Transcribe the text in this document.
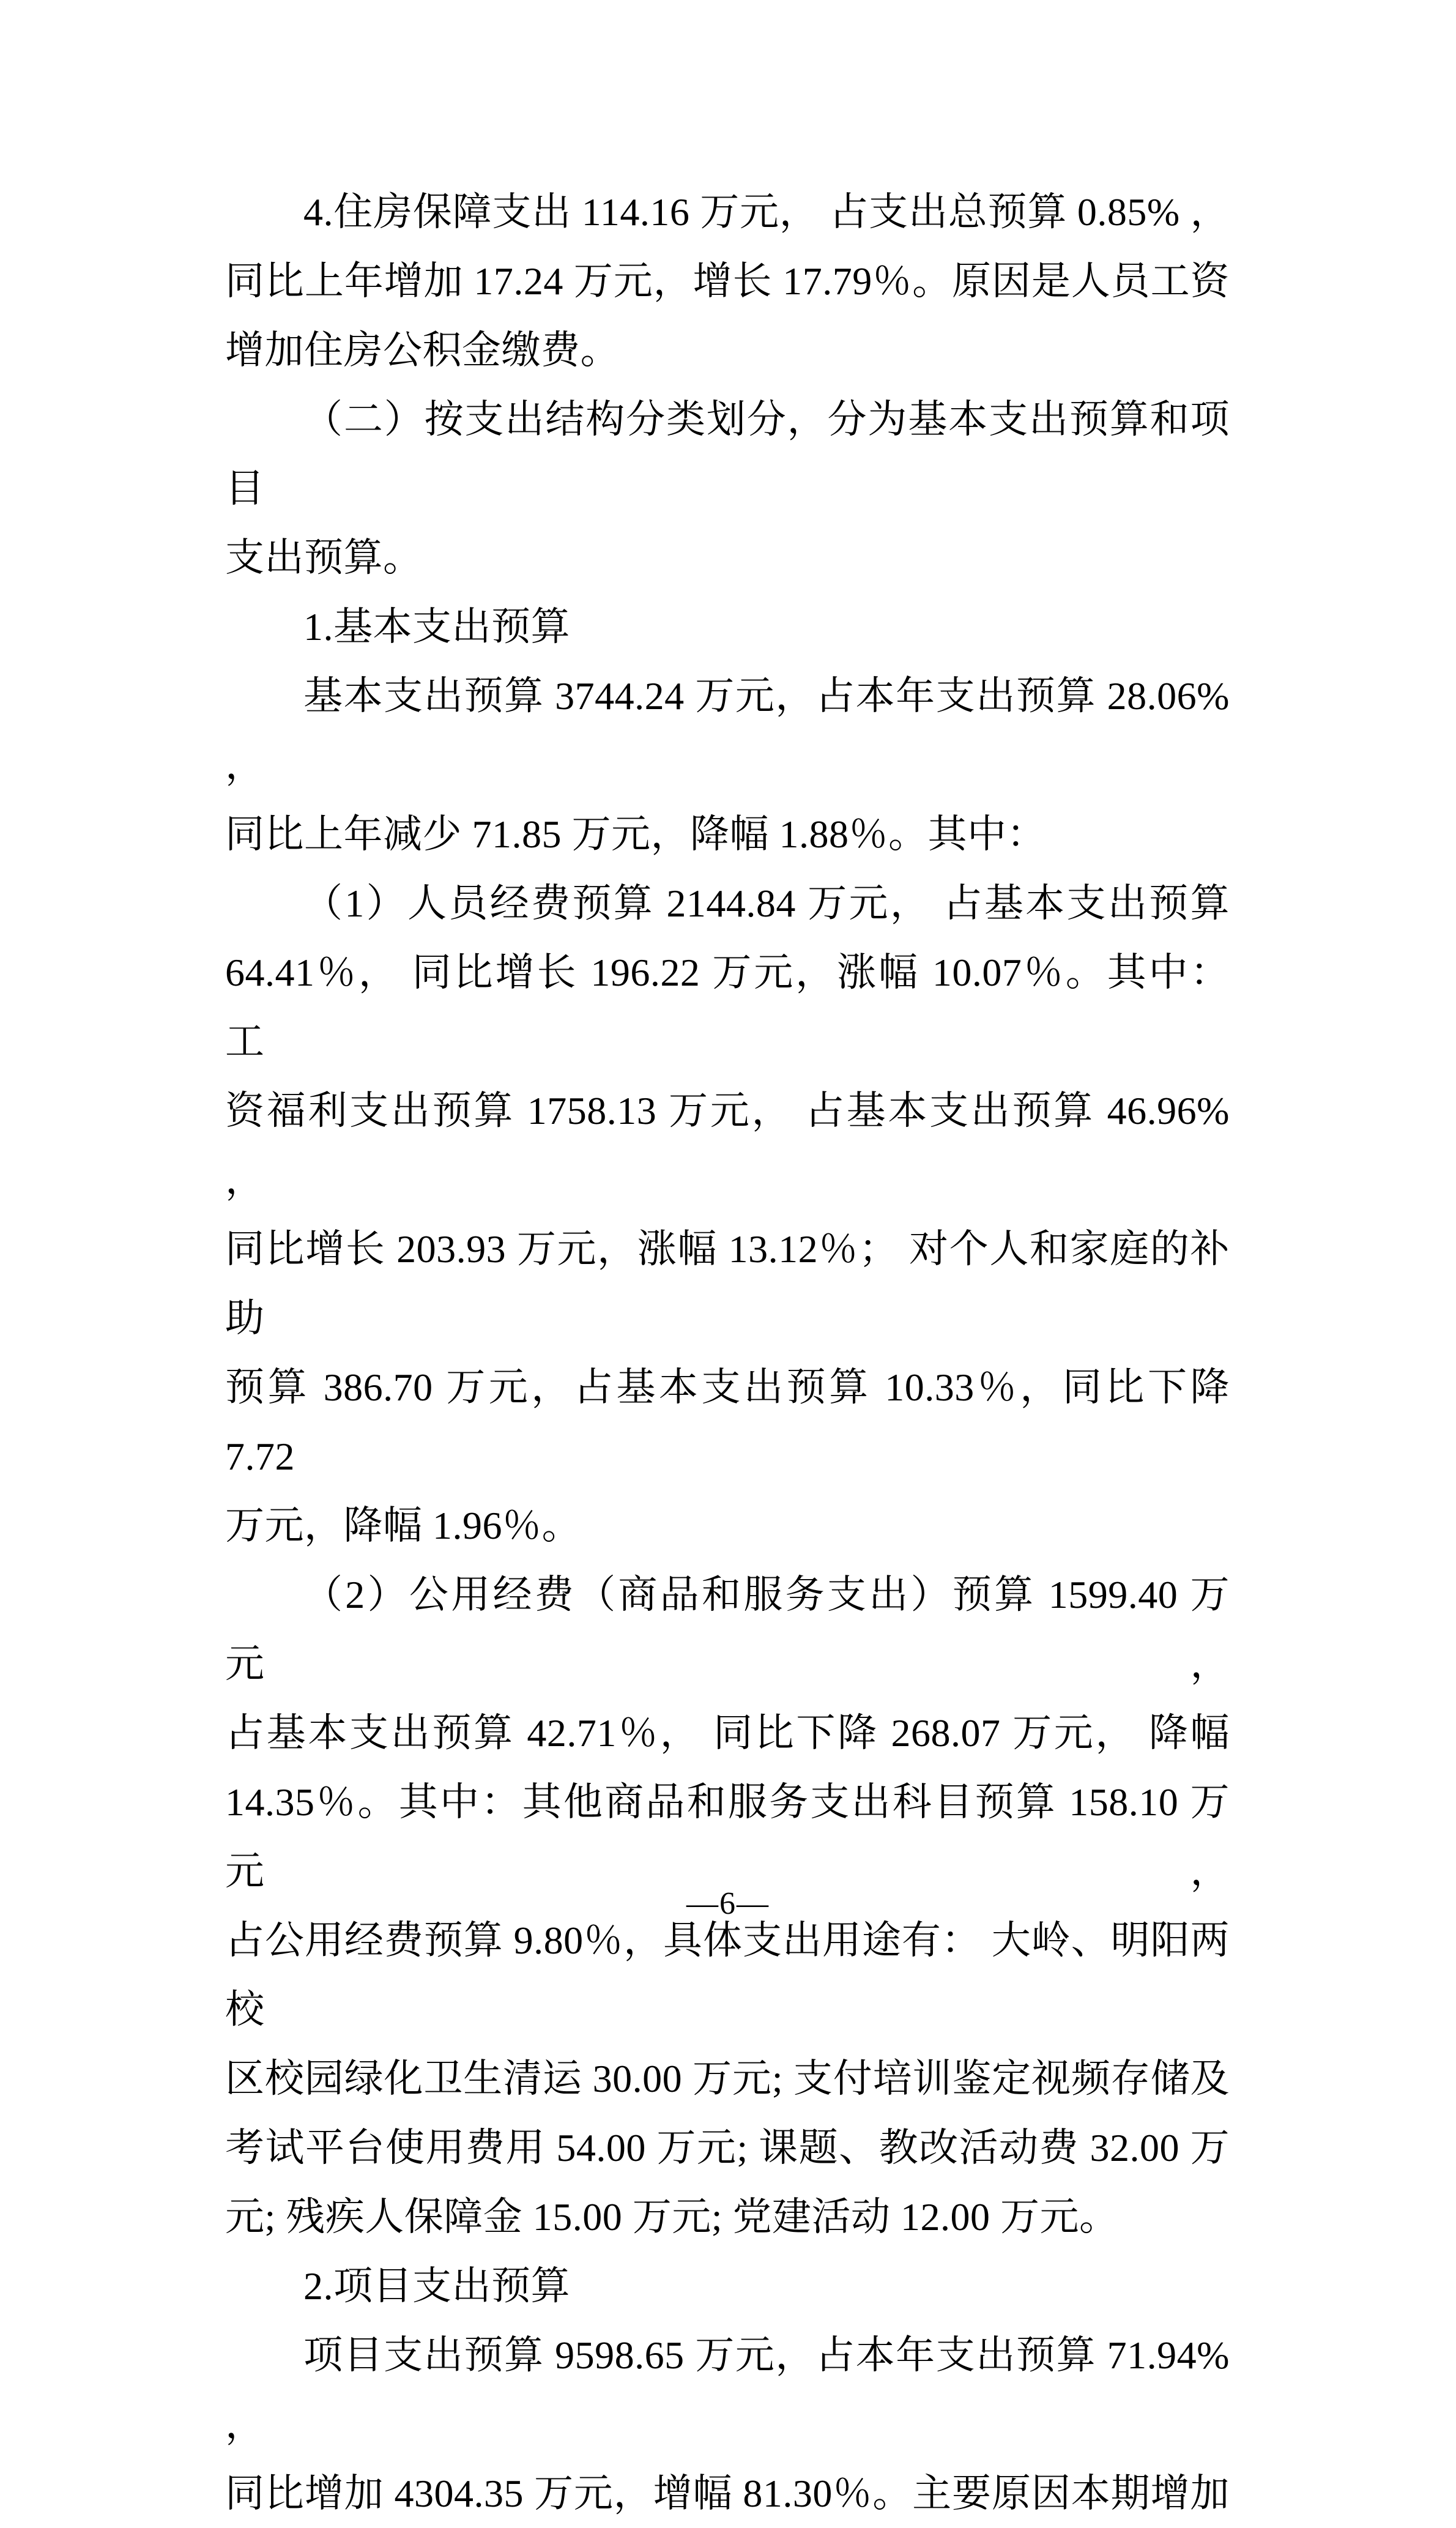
4.住房保障支出 114.16 万元， 占支出总预算 0.85% ，
同比上年增加 17.24 万元，增长 17.79％。原因是人员工资
增加住房公积金缴费。
（二）按支出结构分类划分，分为基本支出预算和项目
支出预算。
1.基本支出预算
基本支出预算 3744.24 万元，占本年支出预算 28.06% ，
同比上年减少 71.85 万元，降幅 1.88％。其中：
（1）人员经费预算 2144.84 万元， 占基本支出预算
64.41％， 同比增长 196.22 万元，涨幅 10.07％。其中： 工
资福利支出预算 1758.13 万元， 占基本支出预算 46.96% ，
同比增长 203.93 万元，涨幅 13.12％； 对个人和家庭的补助
预算 386.70 万元，占基本支出预算 10.33％，同比下降 7.72
万元，降幅 1.96％。
（2）公用经费（商品和服务支出）预算 1599.40 万元，
占基本支出预算 42.71％， 同比下降 268.07 万元， 降幅
14.35％。其中：其他商品和服务支出科目预算 158.10 万元，
占公用经费预算 9.80％，具体支出用途有： 大岭、明阳两校
区校园绿化卫生清运 30.00 万元; 支付培训鉴定视频存储及
考试平台使用费用 54.00 万元; 课题、教改活动费 32.00 万
元; 残疾人保障金 15.00 万元; 党建活动 12.00 万元。
2.项目支出预算
项目支出预算 9598.65 万元，占本年支出预算 71.94% ，
同比增加 4304.35 万元，增幅 81.30％。主要原因本期增加
—6—
